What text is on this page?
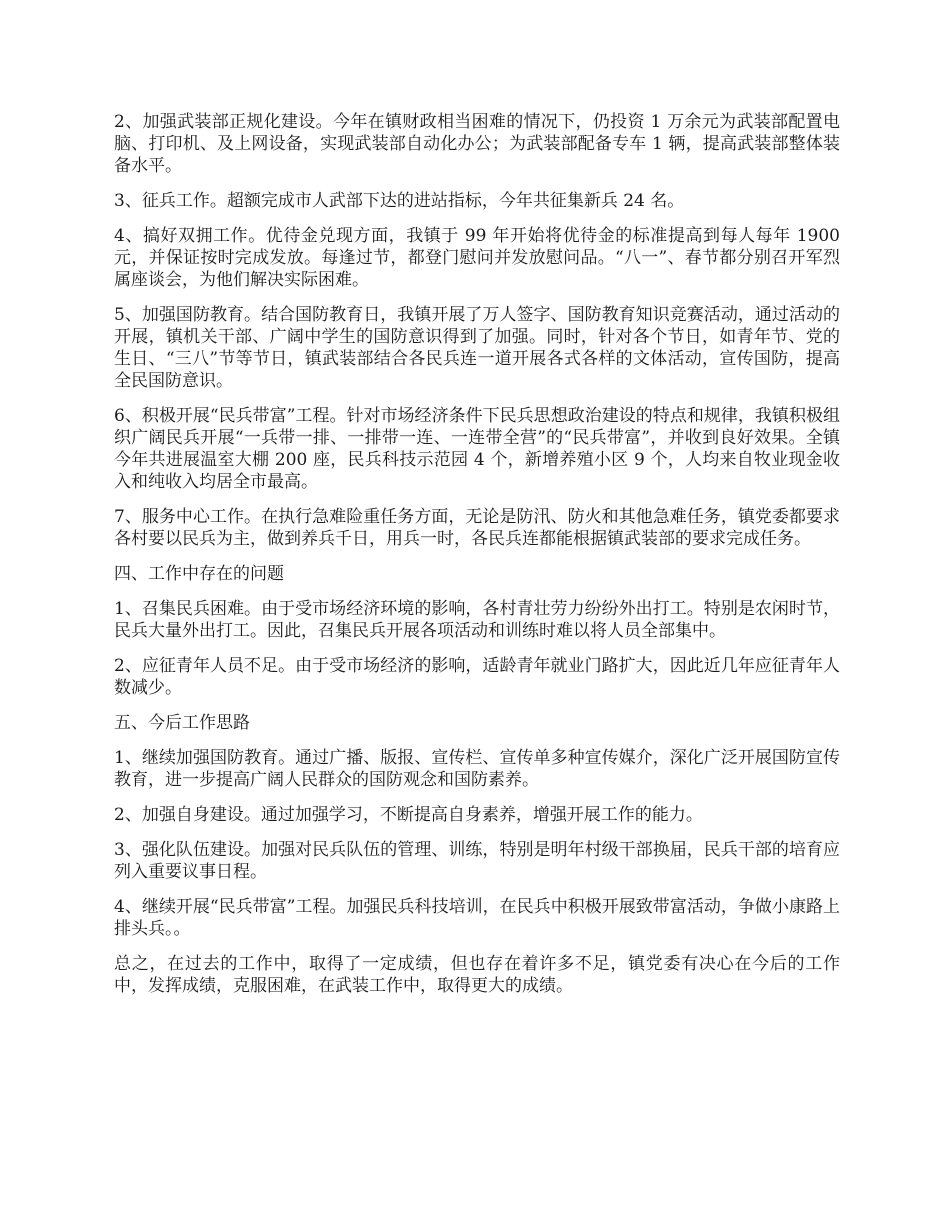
2、加强武装部正规化建设。今年在镇财政相当困难的情况下，仍投资 1 万余元为武装部配置电脑、打印机、及上网设备，实现武装部自动化办公；为武装部配备专车 1 辆，提高武装部整体装备水平。

3、征兵工作。超额完成市人武部下达的进站指标，今年共征集新兵 24 名。

4、搞好双拥工作。优待金兑现方面，我镇于 99 年开始将优待金的标准提高到每人每年 1900 元，并保证按时完成发放。每逢过节，都登门慰问并发放慰问品。“八一”、春节都分别召开军烈属座谈会，为他们解决实际困难。

5、加强国防教育。结合国防教育日，我镇开展了万人签字、国防教育知识竞赛活动，通过活动的开展，镇机关干部、广阔中学生的国防意识得到了加强。同时，针对各个节日，如青年节、党的生日、“三八”节等节日，镇武装部结合各民兵连一道开展各式各样的文体活动，宣传国防，提高全民国防意识。

6、积极开展“民兵带富”工程。针对市场经济条件下民兵思想政治建设的特点和规律，我镇积极组织广阔民兵开展“一兵带一排、一排带一连、一连带全营”的“民兵带富”，并收到良好效果。全镇今年共进展温室大棚 200 座，民兵科技示范园 4 个，新增养殖小区 9 个，人均来自牧业现金收入和纯收入均居全市最高。

7、服务中心工作。在执行急难险重任务方面，无论是防汛、防火和其他急难任务，镇党委都要求各村要以民兵为主，做到养兵千日，用兵一时，各民兵连都能根据镇武装部的要求完成任务。

四、工作中存在的问题

1、召集民兵困难。由于受市场经济环境的影响，各村青壮劳力纷纷外出打工。特别是农闲时节，民兵大量外出打工。因此，召集民兵开展各项活动和训练时难以将人员全部集中。

2、应征青年人员不足。由于受市场经济的影响，适龄青年就业门路扩大，因此近几年应征青年人数减少。

五、今后工作思路

1、继续加强国防教育。通过广播、版报、宣传栏、宣传单多种宣传媒介，深化广泛开展国防宣传教育，进一步提高广阔人民群众的国防观念和国防素养。

2、加强自身建设。通过加强学习，不断提高自身素养，增强开展工作的能力。

3、强化队伍建设。加强对民兵队伍的管理、训练，特别是明年村级干部换届，民兵干部的培育应列入重要议事日程。

4、继续开展“民兵带富”工程。加强民兵科技培训，在民兵中积极开展致带富活动，争做小康路上排头兵。。

总之，在过去的工作中，取得了一定成绩，但也存在着许多不足，镇党委有决心在今后的工作中，发挥成绩，克服困难，在武装工作中，取得更大的成绩。
